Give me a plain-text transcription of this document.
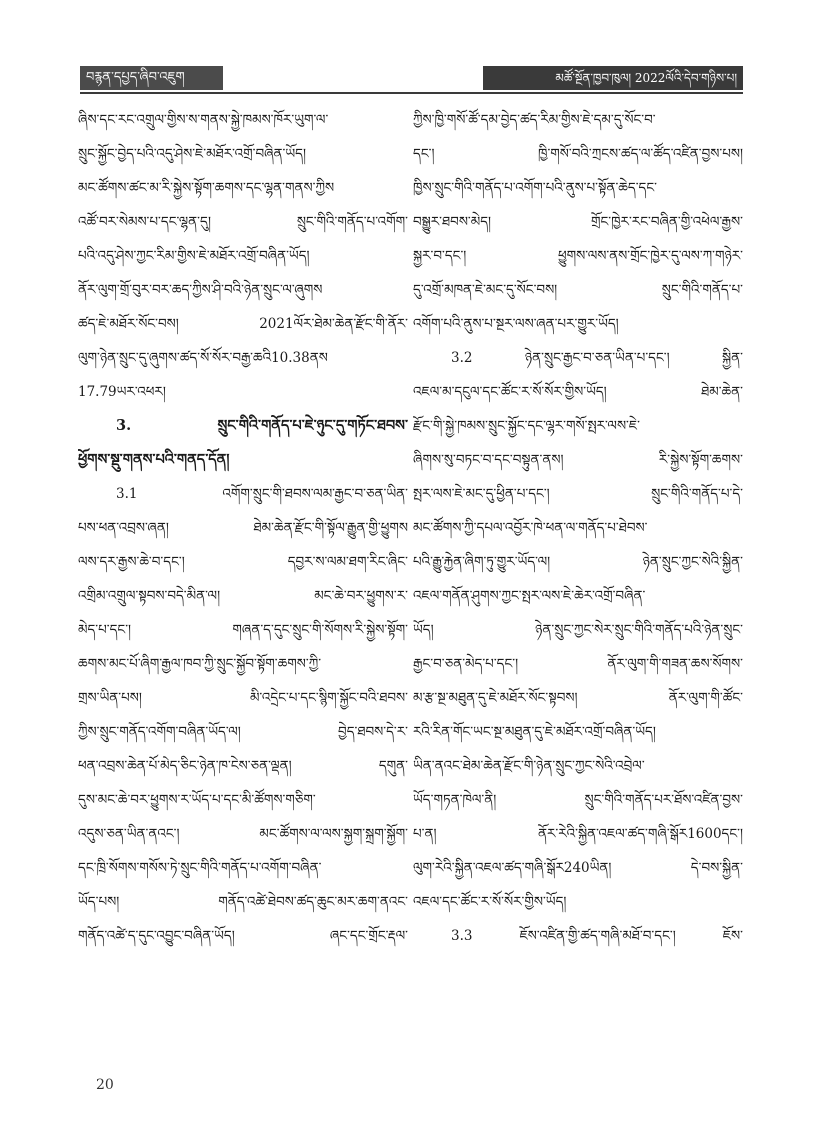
བརྙན་དཔྱད་ཞིབ་འཇུག	མཚོ་སྔོན་ཁྱབ་ཁུལ། 2022ལོའི་དེབ་གཉིས་པ།
ཞིས་དང་རང་འགྲུལ་གྱིས་ས་གནས་སྐྱེ་ཁམས་ཁོར་ཡུག་ལ་
སྲུང་སྐྱོང་བྱེད་པའི་འདུ་ཤེས་ཇེ་མཐོར་འགྲོ་བཞིན་ཡོད།
མང་ཚོགས་ཚང་མ་རི་སྐྱེས་སྟོག་ཆགས་དང་ལྷན་གནས་ཀྱིས
འཚོ་བར་སེམས་པ་དང་ལྷན་དུ། སྲུང་གིའི་གནོད་པ་འགོག་
པའི་འདུ་ཤེས་ཀྱང་རིམ་གྱིས་ཇེ་མཐོར་འགྲོ་བཞིན་ཡོད།
ནོར་ལུག་གྲོ་བུར་བར་ཆད་ཀྱིས་ཤི་བའི་ཉེན་སྲུང་ལ་ཞུགས
ཚད་ཇེ་མཐོར་སོང་བས། 2021ལོར་ཐེམ་ཆེན་རྫོང་གི་ནོར་
ལུག་ཉེན་སྲུང་དུ་ཞུགས་ཚད་སོ་སོར་བརྒྱ་ཆའི10.38ནས
17.79ཡར་འཕར།
3. སྲུང་གིའི་གནོད་པ་ཇེ་ཉུང་དུ་གཏོང་ཐབས་
ཕྱོགས་སྡུ་གནས་པའི་གནད་དོན།
3.1 འགོག་སྲུང་གི་ཐབས་ལམ་རྒྱང་བ་ཅན་ཡིན་
པས་ཕན་འབྲས་ཞན། ཐེམ་ཆེན་རྫོང་གི་སྟོལ་རྒྱུན་གྱི་ཕྱུགས
ལས་དར་རྒྱས་ཆེ་བ་དང་། དབྱར་ས་ལམ་ཐག་རིང་ཞིང་
འགྲིམ་འགྲུལ་སྟབས་བདེ་མིན་ལ། མང་ཆེ་བར་ཕྱུགས་ར་
མེད་པ་དང་། གཞན་ད་དུང་སྲུང་གི་སོགས་རི་སྐྱེས་སྟོག་
ཆགས་མང་པོ་ཞིག་རྒྱལ་ཁབ་ཀྱི་སྲུང་སྐྱོབ་སྟོག་ཆགས་ཀྱི་
གྲས་ཡིན་པས། མི་འདྲེང་པ་དང་སྙིག་སྐྱོང་བའི་ཐབས་
ཀྱིས་སྲུང་གནོད་འགོག་བཞིན་ཡོད་ལ། བྱེད་ཐབས་དེ་ར་
ཕན་འབྲས་ཆེན་པོ་མེད་ཅིང་ཉེན་ཁ་ངེས་ཅན་ལྡན། དགུན་
དུས་མང་ཆེ་བར་ཕྱུགས་ར་ཡོད་པ་དང་མི་ཚོགས་གཅིག་
འདུས་ཅན་ཡིན་ནའང་། མང་ཚོགས་ལ་ལས་སྐྱག་སྐྲག་སྐྱོག་
དང་ཁྲི་སོགས་གསོས་ཏེ་སྲུང་གིའི་གནོད་པ་འགོག་བཞིན་
ཡོད་པས། གནོད་འཚེ་ཐེབས་ཚད་ཆུང་མར་ཆག་ནའང་
གནོད་འཚེ་ད་དུང་འབྱུང་བཞིན་ཡོད། ཞང་དང་གྲོང་རྡལ་
ཀྱིས་ཁྱི་གསོ་ཚོ་དམ་བྱེད་ཚད་རིམ་གྱིས་ཇེ་དམ་དུ་སོང་བ་
དང་། ཁྱི་གསོ་བའི་ཀྲངས་ཚད་ལ་ཚོད་འཛིན་བྱས་པས།
ཁྱིས་སྲུང་གིའི་གནོད་པ་འགོག་པའི་ནུས་པ་སྟོན་ཆེད་དང་
བསྒྱུར་ཐབས་མེད། གྲོང་ཁྱེར་རང་བཞིན་གྱི་འཕེལ་རྒྱས་
སྐྱར་བ་དང་། ཕྱུགས་ལས་ནས་གྲོང་ཁྱེར་དུ་ལས་ཀ་གཉེར་
དུ་འགྲོ་མཁན་ཇེ་མང་དུ་སོང་བས། སྲུང་གིའི་གནོད་པ་
འགོག་པའི་ནུས་པ་སྔར་ལས་ཞན་པར་གྱུར་ཡོད།
3.2 ཉེན་སྲུང་རྒྱང་བ་ཅན་ཡིན་པ་དང་། སྐྱིན་
འཇལ་མ་དངུལ་དང་ཚོང་ར་སོ་སོར་གྱིས་ཡོད། ཐེམ་ཆེན་
རྫོང་གི་སྐྱེ་ཁམས་སྲུང་སྐྱོང་དང་ལྷར་གསོ་སྤར་ལས་ཇེ་
ཞིགས་སུ་བཏང་བ་དང་བསྟུན་ནས། རི་སྐྱེས་སྟོག་ཆགས་
སྤར་ལས་ཇེ་མང་དུ་ཕྱིན་པ་དང་། སྲུང་གིའི་གནོད་པ་དེ་
མང་ཚོགས་ཀྱི་དཔལ་འབྱོར་ཁེ་ཕན་ལ་གནོད་པ་ཐེབས་
པའི་རྒྱུ་རྐྱེན་ཞིག་ཏུ་གྱུར་ཡོད་ལ། ཉེན་སྲུང་ཀྱང་སེའི་སྐྱིན་
འཇལ་གནོན་ཤུགས་ཀྱང་སྤར་ལས་ཇེ་ཆེར་འགྲོ་བཞིན་
ཡོད། ཉེན་སྲུང་ཀྱང་སེར་སྲུང་གིའི་གནོད་པའི་ཉེན་སྲུང་
རྒྱང་བ་ཅན་མེད་པ་དང་། ནོར་ལུག་གི་གཟན་ཆས་སོགས་
མ་རྩ་སྔ་མཐུན་དུ་ཇེ་མཐོར་སོང་སྟབས། ནོར་ལུག་གི་ཚོང་
རའི་རིན་གོང་ཡང་སྔ་མཐུན་དུ་ཇེ་མཐོར་འགྲོ་བཞིན་ཡོད།
ཡིན་ནའང་ཐེམ་ཆེན་རྫོང་གི་ཉེན་སྲུང་ཀྱང་སེའི་འབྲེལ་
ཡོད་གཏན་ཁེལ་ནི། སྲུང་གིའི་གནོད་པར་ཐོས་འཛིན་བྱས་
པ་ན། ནོར་རེའི་སྐྱིན་འཇལ་ཚད་གཞི་སྒོར1600དང་།
ལུག་རེའི་སྐྱིན་འཇལ་ཚད་གཞི་སྒོར240ཡིན། དེ་བས་སྐྱིན་
འཇལ་དང་ཚོང་ར་སོ་སོར་གྱིས་ཡོད།
3.3 ཇོས་འཛིན་གྱི་ཚད་གཞི་མཐོ་བ་དང་། ཇོས་
20
